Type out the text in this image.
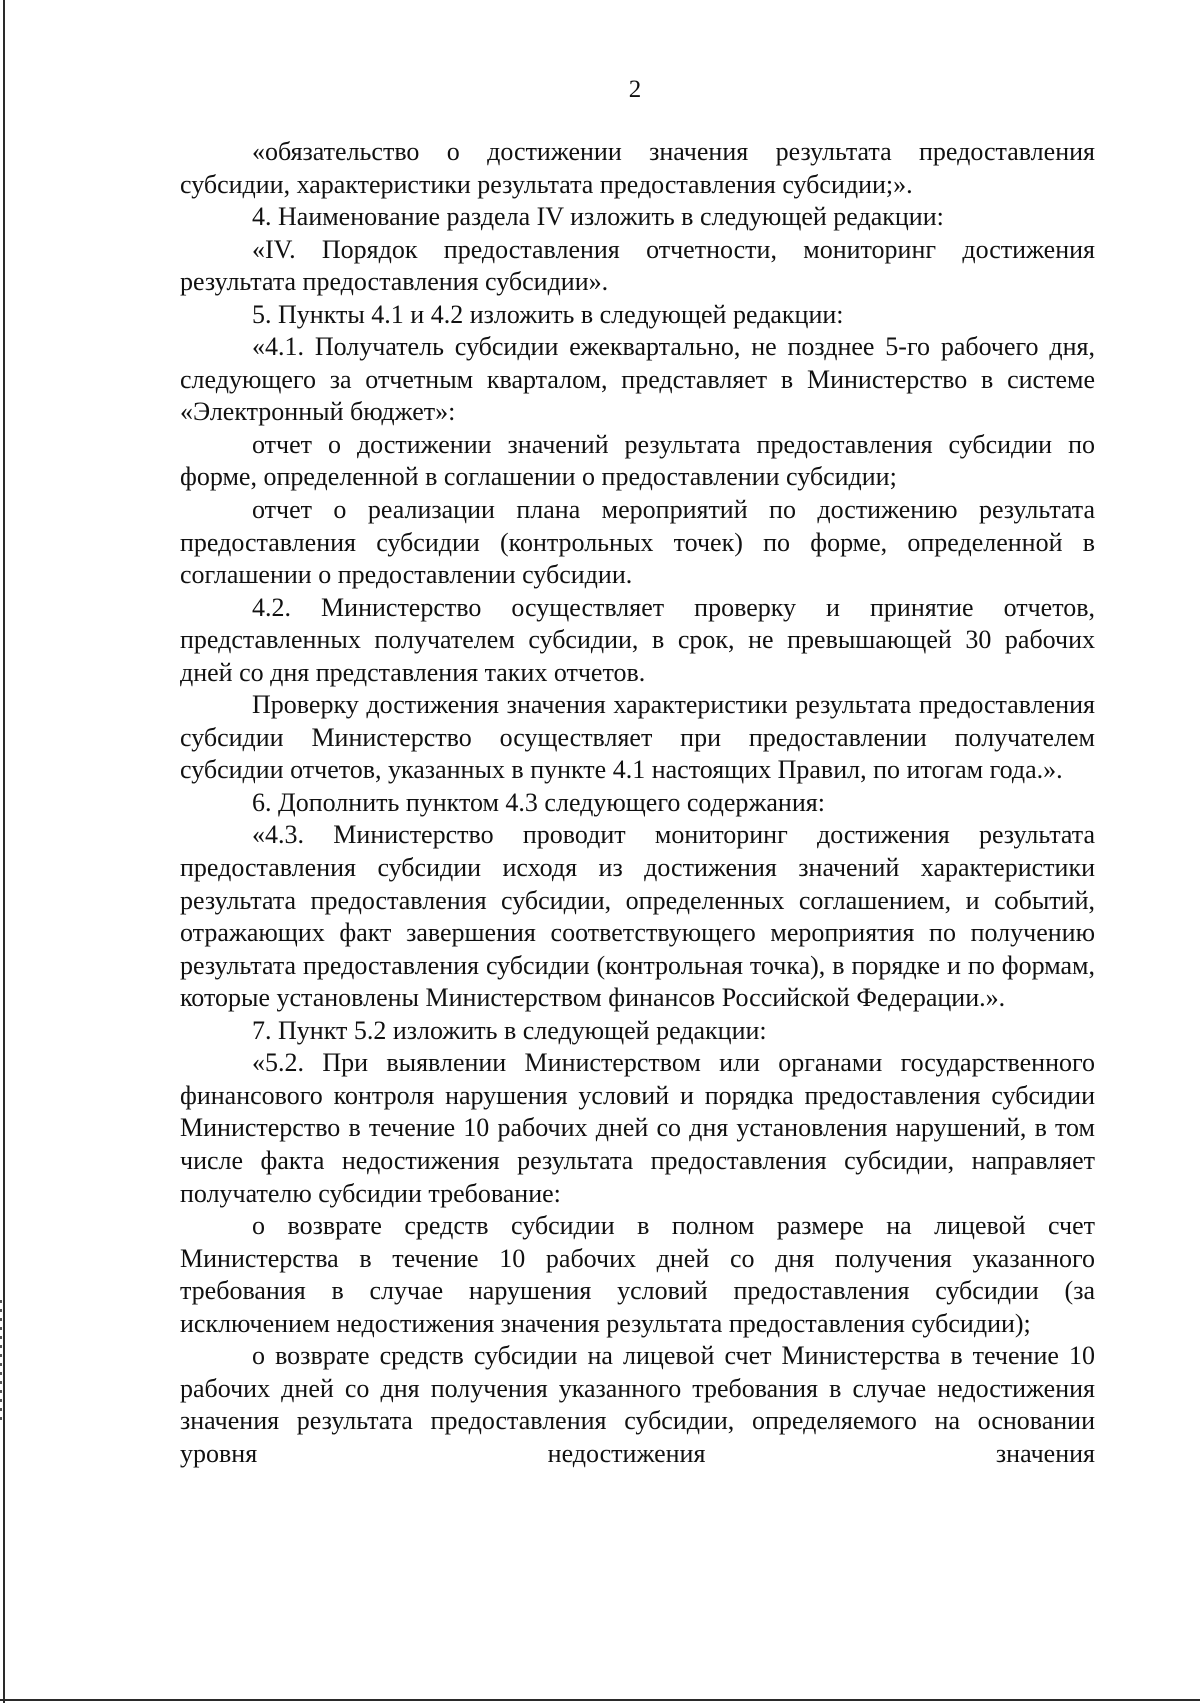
2

«обязательство о достижении значения результата предоставления субсидии, характеристики результата предоставления субсидии;».

4. Наименование раздела IV изложить в следующей редакции:

«IV. Порядок предоставления отчетности, мониторинг достижения результата предоставления субсидии».

5. Пункты 4.1 и 4.2 изложить в следующей редакции:

«4.1. Получатель субсидии ежеквартально, не позднее 5-го рабочего дня, следующего за отчетным кварталом, представляет в Министерство в системе «Электронный бюджет»:

отчет о достижении значений результата предоставления субсидии по форме, определенной в соглашении о предоставлении субсидии;

отчет о реализации плана мероприятий по достижению результата предоставления субсидии (контрольных точек) по форме, определенной в соглашении о предоставлении субсидии.

4.2. Министерство осуществляет проверку и принятие отчетов, представленных получателем субсидии, в срок, не превышающей 30 рабочих дней со дня представления таких отчетов.

Проверку достижения значения характеристики результата предоставления субсидии Министерство осуществляет при предоставлении получателем субсидии отчетов, указанных в пункте 4.1 настоящих Правил, по итогам года.».

6. Дополнить пунктом 4.3 следующего содержания:

«4.3. Министерство проводит мониторинг достижения результата предоставления субсидии исходя из достижения значений характеристики результата предоставления субсидии, определенных соглашением, и событий, отражающих факт завершения соответствующего мероприятия по получению результата предоставления субсидии (контрольная точка), в порядке и по формам, которые установлены Министерством финансов Российской Федерации.».

7. Пункт 5.2 изложить в следующей редакции:

«5.2. При выявлении Министерством или органами государственного финансового контроля нарушения условий и порядка предоставления субсидии Министерство в течение 10 рабочих дней со дня установления нарушений, в том числе факта недостижения результата предоставления субсидии, направляет получателю субсидии требование:

о возврате средств субсидии в полном размере на лицевой счет Министерства в течение 10 рабочих дней со дня получения указанного требования в случае нарушения условий предоставления субсидии (за исключением недостижения значения результата предоставления субсидии);

о возврате средств субсидии на лицевой счет Министерства в течение 10 рабочих дней со дня получения указанного требования в случае недостижения значения результата предоставления субсидии, определяемого на основании уровня недостижения значения
